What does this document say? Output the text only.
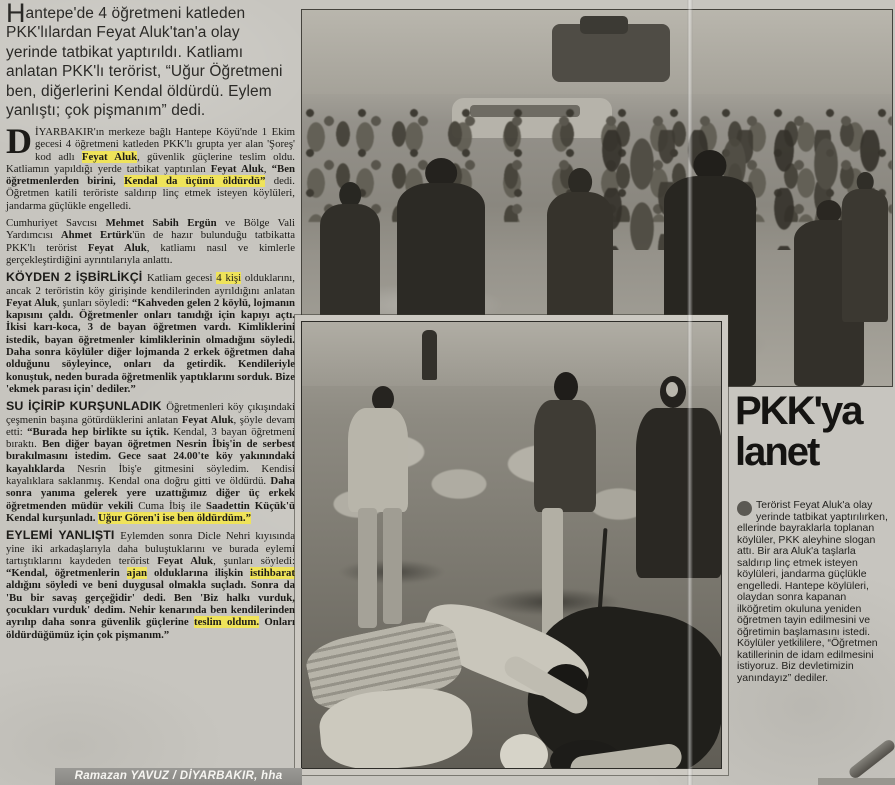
Hantepe'de 4 öğretmeni katleden PKK'lılardan Feyat Aluk'tan'a olay yerinde tatbikat yaptırıldı. Katliamı anlatan PKK'lı terörist, “Uğur Öğretmeni ben, diğerlerini Kendal öldürdü. Eylem yanlıştı; çok pişmanım” dedi.

DİYARBAKIR'ın merkeze bağlı Hantepe Köyü'nde 1 Ekim gecesi 4 öğretmeni katleden PKK'lı grupta yer alan 'Şoreş' kod adlı Feyat Aluk, güvenlik güçlerine teslim oldu. Katliamın yapıldığı yerde tatbikat yaptırılan Feyat Aluk, “Ben öğretmenlerden birini, Kendal da üçünü öldürdü” dedi. Öğretmen katili teröriste saldırıp linç etmek isteyen köylüleri, jandarma güçlükle engelledi.

Cumhuriyet Savcısı Mehmet Sabih Ergün ve Bölge Vali Yardımcısı Ahmet Ertürk'ün de hazır bulunduğu tatbikatta PKK'lı terörist Feyat Aluk, katliamı nasıl ve kimlerle gerçekleştirdiğini ayrıntılarıyla anlattı.

KÖYDEN 2 İŞBİRLİKÇİ Katliam gecesi 4 kişi olduklarını, ancak 2 teröristin köy girişinde kendilerinden ayrıldığını anlatan Feyat Aluk, şunları söyledi: “Kahveden gelen 2 köylü, lojmanın kapısını çaldı. Öğretmenler onları tanıdığı için kapıyı açtı. İkisi karı-koca, 3 de bayan öğretmen vardı. Kimliklerini istedik, bayan öğretmenler kimliklerinin olmadığını söyledi. Daha sonra köylüler diğer lojmanda 2 erkek öğretmen daha olduğunu söyleyince, onları da getirdik. Kendileriyle konuştuk, neden burada öğretmenlik yaptıklarını sorduk. Bize 'ekmek parası için' dediler.”

SU İÇİRİP KURŞUNLADIK Öğretmenleri köy çıkışındaki çeşmenin başına götürdüklerini anlatan Feyat Aluk, şöyle devam etti: “Burada hep birlikte su içtik. Kendal, 3 bayan öğretmeni bıraktı. Ben diğer bayan öğretmen Nesrin İbiş'in de serbest bırakılmasını istedim. Gece saat 24.00'te köy yakınındaki kayalıklarda Nesrin İbiş'e gitmesini söyledim. Kendisi kayalıklara saklanmış. Kendal ona doğru gitti ve öldürdü. Daha sonra yanıma gelerek yere uzattığımız diğer üç erkek öğretmenden müdür vekili Cuma İbiş ile Saadettin Küçük'ü Kendal kurşunladı. Uğur Gören'i ise ben öldürdüm.”

EYLEMİ YANLIŞTI Eylemden sonra Dicle Nehri kıyısında yine iki arkadaşlarıyla daha buluştuklarını ve burada eylemi tartıştıklarını kaydeden terörist Feyat Aluk, şunları söyledi: “Kendal, öğretmenlerin ajan olduklarına ilişkin istihbarat aldığını söyledi ve beni duygusal olmakla suçladı. Sonra da 'Bu bir savaş gerçeğidir' dedi. Ben 'Biz halkı vurduk, çocukları vurduk' dedim. Nehir kenarında ben kendilerinden ayrılıp daha sonra güvenlik güçlerine teslim oldum. Onları öldürdüğümüz için çok pişmanım.”

Ramazan YAVUZ / DİYARBAKIR, hha
PKK'ya lanet
Terörist Feyat Aluk'a olay yerinde tatbikat yaptırılırken, ellerinde bayraklarla toplanan köylüler, PKK aleyhine slogan attı. Bir ara Aluk'a taşlarla saldırıp linç etmek isteyen köylüleri, jandarma güçlükle engelledi. Hantepe köylüleri, olaydan sonra kapanan ilköğretim okuluna yeniden öğretmen tayin edilmesini ve öğretimin başlamasını istedi. Köylüler yetkililere, “Öğretmen katillerinin de idam edilmesini istiyoruz. Biz devletimizin yanındayız” dediler.
